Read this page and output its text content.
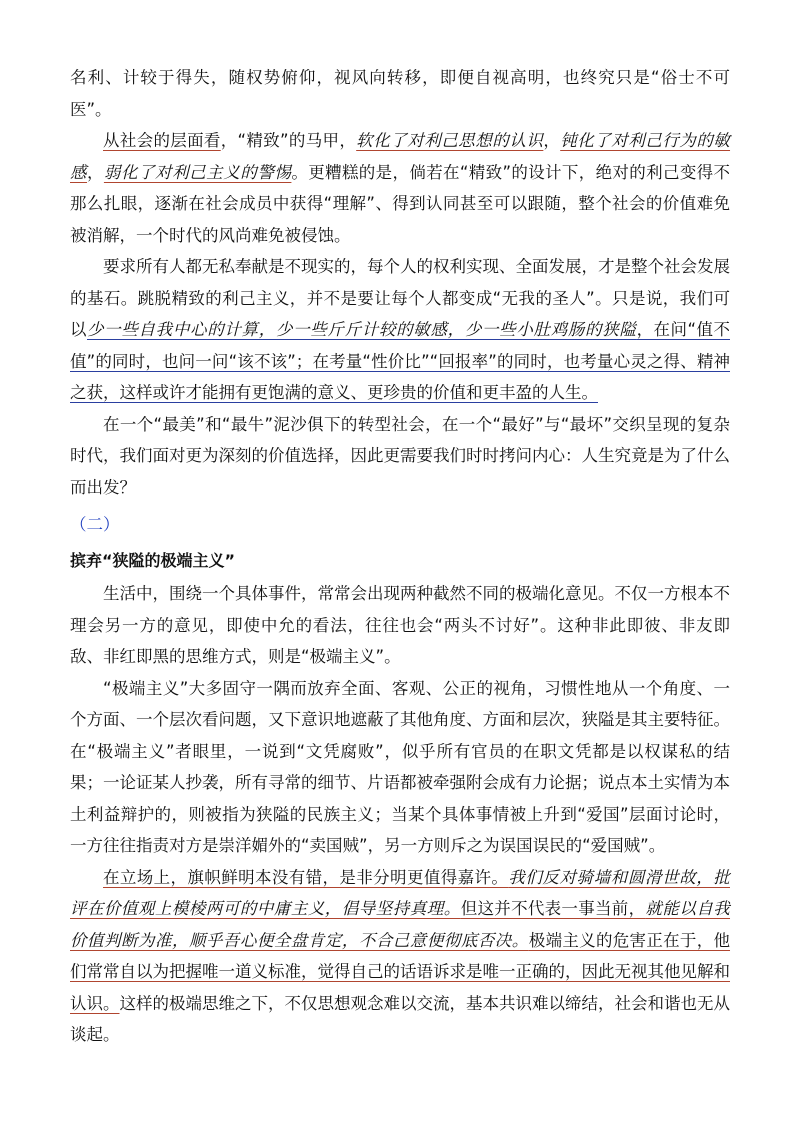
名利、计较于得失，随权势俯仰，视风向转移，即便自视高明，也终究只是“俗士不可医”。

从社会的层面看，“精致”的马甲，软化了对利己思想的认识，钝化了对利己行为的敏感，弱化了对利己主义的警惕。更糟糕的是，倘若在“精致”的设计下，绝对的利己变得不那么扎眼，逐渐在社会成员中获得“理解”、得到认同甚至可以跟随，整个社会的价值难免被消解，一个时代的风尚难免被侵蚀。

要求所有人都无私奉献是不现实的，每个人的权利实现、全面发展，才是整个社会发展的基石。跳脱精致的利己主义，并不是要让每个人都变成“无我的圣人”。只是说，我们可以少一些自我中心的计算，少一些斤斤计较的敏感，少一些小肚鸡肠的狭隘，在问“值不值”的同时，也问一问“该不该”；在考量“性价比”“回报率”的同时，也考量心灵之得、精神之获，这样或许才能拥有更饱满的意义、更珍贵的价值和更丰盈的人生。

在一个“最美”和“最牛”泥沙俱下的转型社会，在一个“最好”与“最坏”交织呈现的复杂时代，我们面对更为深刻的价值选择，因此更需要我们时时拷问内心：人生究竟是为了什么而出发？

（二）

摈弃“狭隘的极端主义”

生活中，围绕一个具体事件，常常会出现两种截然不同的极端化意见。不仅一方根本不理会另一方的意见，即使中允的看法，往往也会“两头不讨好”。这种非此即彼、非友即敌、非红即黑的思维方式，则是“极端主义”。

“极端主义”大多固守一隅而放弃全面、客观、公正的视角，习惯性地从一个角度、一个方面、一个层次看问题，又下意识地遮蔽了其他角度、方面和层次，狭隘是其主要特征。在“极端主义”者眼里，一说到“文凭腐败”，似乎所有官员的在职文凭都是以权谋私的结果；一论证某人抄袭，所有寻常的细节、片语都被牵强附会成有力论据；说点本土实情为本土利益辩护的，则被指为狭隘的民族主义；当某个具体事情被上升到“爱国”层面讨论时，一方往往指责对方是崇洋媚外的“卖国贼”，另一方则斥之为误国误民的“爱国贼”。

在立场上，旗帜鲜明本没有错，是非分明更值得嘉许。我们反对骑墙和圆滑世故，批评在价值观上模棱两可的中庸主义，倡导坚持真理。但这并不代表一事当前，就能以自我价值判断为准，顺乎吾心便全盘肯定，不合己意便彻底否决。极端主义的危害正在于，他们常常自以为把握唯一道义标准，觉得自己的话语诉求是唯一正确的，因此无视其他见解和认识。这样的极端思维之下，不仅思想观念难以交流，基本共识难以缔结，社会和谐也无从谈起。
